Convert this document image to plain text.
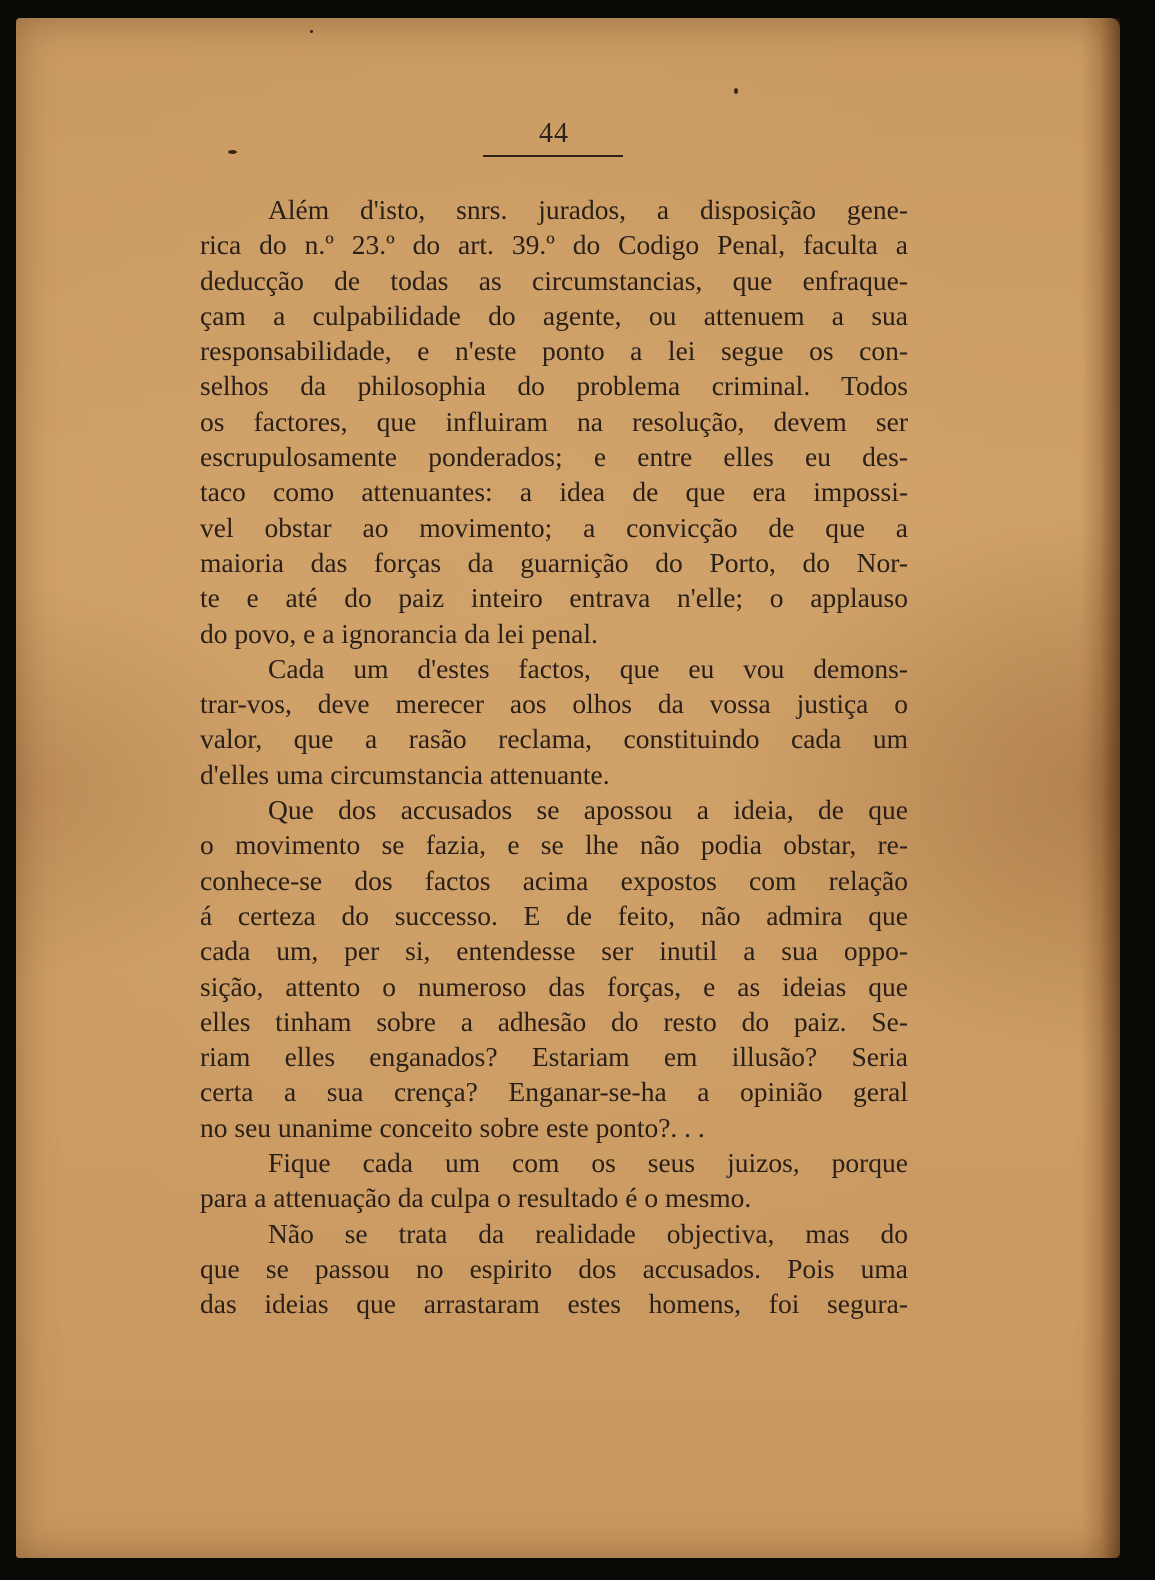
44
Além d'isto, snrs. jurados, a disposição gene-
rica do n.º 23.º do art. 39.º do Codigo Penal, faculta a
deducção de todas as circumstancias, que enfraque-
çam a culpabilidade do agente, ou attenuem a sua
responsabilidade, e n'este ponto a lei segue os con-
selhos da philosophia do problema criminal. Todos
os factores, que influiram na resolução, devem ser
escrupulosamente ponderados; e entre elles eu des-
taco como attenuantes: a idea de que era impossi-
vel obstar ao movimento; a convicção de que a
maioria das forças da guarnição do Porto, do Nor-
te e até do paiz inteiro entrava n'elle; o applauso
do povo, e a ignorancia da lei penal.
Cada um d'estes factos, que eu vou demons-
trar-vos, deve merecer aos olhos da vossa justiça o
valor, que a rasão reclama, constituindo cada um
d'elles uma circumstancia attenuante.
Que dos accusados se apossou a ideia, de que
o movimento se fazia, e se lhe não podia obstar, re-
conhece-se dos factos acima expostos com relação
á certeza do successo. E de feito, não admira que
cada um, per si, entendesse ser inutil a sua oppo-
sição, attento o numeroso das forças, e as ideias que
elles tinham sobre a adhesão do resto do paiz. Se-
riam elles enganados? Estariam em illusão? Seria
certa a sua crença? Enganar-se-ha a opinião geral
no seu unanime conceito sobre este ponto?. . .
Fique cada um com os seus juizos, porque
para a attenuação da culpa o resultado é o mesmo.
Não se trata da realidade objectiva, mas do
que se passou no espirito dos accusados. Pois uma
das ideias que arrastaram estes homens, foi segura-
